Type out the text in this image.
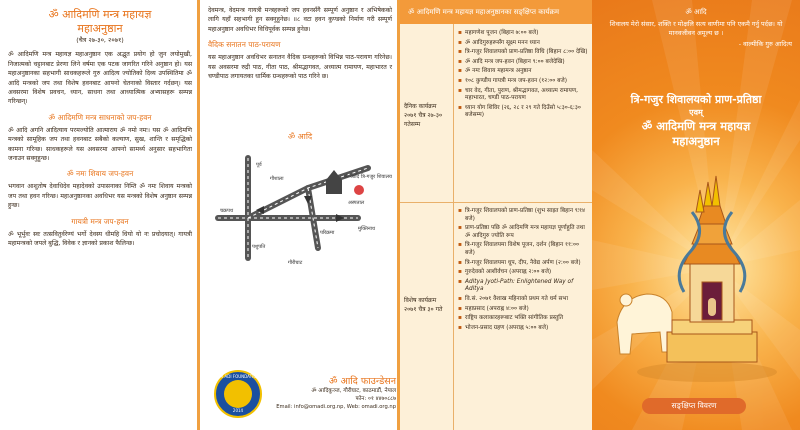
ॐ आदिमणि मन्त्र महायज्ञ
महाअनुष्ठान
(चैत्र २७-३०, २०७१)
ॐ आदिमणि मन्त्र महायज्ञ महाअनुष्ठान एक अद्भुत प्रयोग हो जुन लयोमुखी, निजात्मको चट्टानबाट प्रेरणा लिने वर्षमा एक पटक जागरित गरिने अनुष्ठान हो। यस महाअनुष्ठानका सहभागी साधकहरूले गुरु आदित्य ज्योतिको दिव्य उपस्थितिमा ॐ आदि मन्त्रको जप तथा विशेष हवनबाट आफ्नो चेतनाको विस्तार गर्दछन्। यस अवसरमा विशेष प्रवचन, ध्यान, साधना तथा आध्यात्मिक अभ्यासहरू सम्पन्न गरिन्छन्।
ॐ आदिमणि मन्त्र साधनाको जप-हवन
ॐ आदि अगनि आदित्याय परमज्योति आत्माराय ॐ नमो नमः। यस ॐ आदिमणि मन्त्रको सामूहिक जप तथा हवनबाट सबैको कल्याण, सुख, शान्ति र समृद्धिको कामना गरिन्छ। साधकहरूले यस अवसरमा आफ्नो सामर्थ्य अनुसार सहभागिता जनाउन सक्नुहुन्छ।
ॐ नमः शिवाय जप-हवन
भगवान आशुतोष देवाधिदेव महादेवको उपासनाका निम्ति ॐ नमः शिवाय मन्त्रको जप तथा हवन गरिन्छ। महाअनुष्ठानका अवधिभर यस मन्त्रको विशेष अनुष्ठान सम्पन्न हुन्छ।
गायत्री मन्त्र जप-हवन
ॐ भूर्भुवः स्वः तत्सवितुर्वरेण्यं भर्गो देवस्य धीमहि धियो यो नः प्रचोदयात्। गायत्री महामन्त्रको जपले बुद्धि, विवेक र ज्ञानको प्रकाश फैलिन्छ।
देवमन्त्र, वेदमन्त्र गायत्री मन्त्रहरूको जप हवनसँगै सम्पूर्ण अनुष्ठान र अभिषेकको लागि यहाँ सहभागी हुन सक्नुहुनेछ। ॥८ वटा हवन कुण्डको निर्माण गरी सम्पूर्ण महाअनुष्ठान अवधिभर विधिपूर्वक सम्पन्न हुनेछ।
वैदिक सनातन पाठ-परायण
यस महाअनुष्ठान अवधिभर सनातन वैदिक ग्रन्थहरूको विभिन्न पाठ-परायण गरिनेछ। यस अवसरमा रुद्री पाठ, गीता पाठ, श्रीमद्भागवत, अध्यात्म रामायण, महाभारत र चण्डीपाठ लगायतका धार्मिक ग्रन्थहरूको पाठ गरिने छ।
ॐ आदि
पूर्व
ॐ आदि त्रि-गजुर शिवालय
अस्पताल
गौशाला
चक्रपथ
परिक्रमा
पशुपति
मुक्तिनाथ
गौरीघाट
OM ADI FOUNDATION
2014
ॐ आदि फाउन्डेसन
ॐ आदिकुञ्ज, गौरीघाट, काठमाडौं, नेपाल
फोन: ०१ ४४७०८८७
Email: info@omadi.org.np, Web: omadi.org.np
ॐ आदिमणि मन्त्र महायज्ञ महाअनुष्ठानका सङ्क्षिप्त कार्यक्रम
दैनिक कार्यक्रम २०७१ चैत्र २७-३० गतेसम्म
विशेष कार्यक्रम २०७१ चैत्र ३० गते
▪ महागणेश पूजन (बिहान ७:०० बजे)
▪ ॐ आदिगुरुहरूसँग सूक्ष्म मनन ध्यान
▪ त्रि-गजुर शिवालयको प्राण-प्रतिष्ठा विधि (बिहान ८:०० देखि)
▪ ॐ आदि मन्त्र जप-हवन (बिहान ९:०० बजेदेखि)
▪ ॐ नमः शिवाय महामन्त्र अनुष्ठान
▪ १०८ कुण्डीय गायत्री मन्त्र जप-हवन (१२:०० बजे)
▪ चार वेद, गीता, पुराण, श्रीमद्भागवत, अध्यात्म रामायण, महाभारत, चण्डी पाठ-परायण
▪ ध्यान योग शिविर (२६, २८ र २९ गते दिउँसो ५:३०-६:३० बजेसम्म)
▪ त्रि-गजुर शिवालयको प्राण-प्रतिष्ठा (शुभ साइत बिहान ९ः१४ बजे)
▪ प्राण-प्रतिष्ठा पछि ॐ आदिमणि मन्त्र महायज्ञ पूर्णाहुति तथा ॐ आदिगुरु ज्योति रूप
▪ त्रि-गजुर शिवालयमा विशेष पूजन, दर्शन (बिहान ११:०० बजे)
▪ त्रि-गजुर शिवालयमा धूप, दीप, नैवेद्य अर्पण (२:०० बजे)
▪ गुरुदेवको आशीर्वचन (अपराह्न २:०० बजे)
▪ Aditya Jyoti-Path: Enlightened Way of Aditya
▪ वि.सं. २०७१ वैशाख महिनाको प्रथम गते धर्म सभा
▪ महाप्रसाद (अपराह्न ४:०० बजे)
▪ राष्ट्रिय कलाकारहरूबाट भक्ति सांगीतिक प्रस्तुति
▪ भोजन-प्रसाद ग्रहण (अपराह्न ५:०० बजे)
ॐ आदि
शिवालय मेरो संसार, शक्ति र मोक्षलि सत्य वाणीमा पनि एकमै गर्नु पर्दछ। यो मानवजीवन अमूल्य छ ।
- वाल्मीकि गुरु आदित्य
त्रि-गजुर शिवालयको प्राण-प्रतिष्ठा
एवम्
ॐ आदिमणि मन्त्र महायज्ञ
महाअनुष्ठान
सङ्क्षिप्त विवरण
